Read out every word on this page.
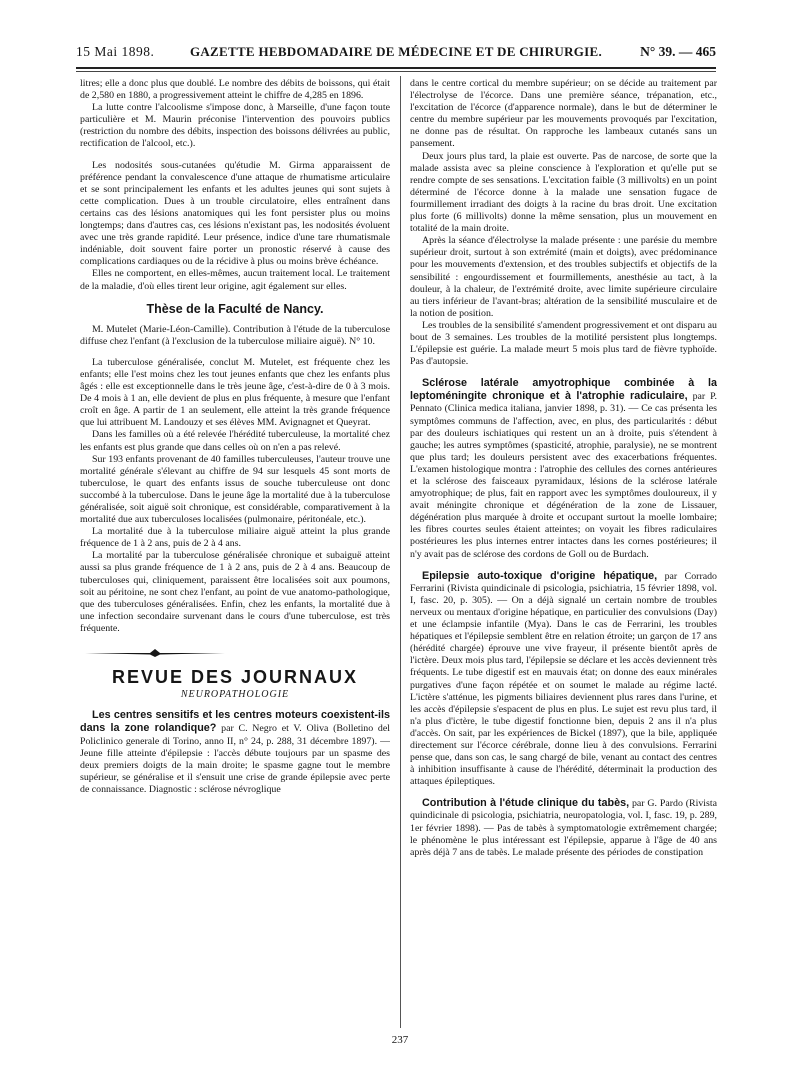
15 Mai 1898.	GAZETTE HEBDOMADAIRE DE MÉDECINE ET DE CHIRURGIE.	N° 39. — 465

litres; elle a donc plus que doublé. Le nombre des débits de boissons, qui était de 2,580 en 1880, a progressivement atteint le chiffre de 4,285 en 1896.

La lutte contre l'alcoolisme s'impose donc, à Marseille, d'une façon toute particulière et M. Maurin préconise l'intervention des pouvoirs publics (restriction du nombre des débits, inspection des boissons délivrées au public, rectification de l'alcool, etc.).

Les nodosités sous-cutanées qu'étudie M. Girma apparaissent de préférence pendant la convalescence d'une attaque de rhumatisme articulaire et se sont principalement les enfants et les adultes jeunes qui sont sujets à cette complication. Dues à un trouble circulatoire, elles entraînent dans certains cas des lésions anatomiques qui les font persister plus ou moins longtemps; dans d'autres cas, ces lésions n'existant pas, les nodosités évoluent avec une très grande rapidité. Leur présence, indice d'une tare rhumatismale indéniable, doit souvent faire porter un pronostic réservé à cause des complications cardiaques ou de la récidive à plus ou moins brève échéance.

Elles ne comportent, en elles-mêmes, aucun traitement local. Le traitement de la maladie, d'où elles tirent leur origine, agit également sur elles.

Thèse de la Faculté de Nancy.

M. Mutelet (Marie-Léon-Camille). Contribution à l'étude de la tuberculose diffuse chez l'enfant (à l'exclusion de la tuberculose miliaire aiguë). N° 10.

La tuberculose généralisée, conclut M. Mutelet, est fréquente chez les enfants; elle l'est moins chez les tout jeunes enfants que chez les enfants plus âgés : elle est exceptionnelle dans le très jeune âge, c'est-à-dire de 0 à 3 mois. De 4 mois à 1 an, elle devient de plus en plus fréquente, à mesure que l'enfant croît en âge. A partir de 1 an seulement, elle atteint la très grande fréquence que lui attribuent M. Landouzy et ses élèves MM. Avignagnet et Queyrat.

Dans les familles où a été relevée l'hérédité tuberculeuse, la mortalité chez les enfants est plus grande que dans celles où on n'en a pas relevé.

Sur 193 enfants provenant de 40 familles tuberculeuses, l'auteur trouve une mortalité générale s'élevant au chiffre de 94 sur lesquels 45 sont morts de tuberculose, le quart des enfants issus de souche tuberculeuse ont donc succombé à la tuberculose. Dans le jeune âge la mortalité due à la tuberculose généralisée, soit aiguë soit chronique, est considérable, comparativement à la mortalité due aux tuberculoses localisées (pulmonaire, péritonéale, etc.).

La mortalité due à la tuberculose miliaire aiguë atteint la plus grande fréquence de 1 à 2 ans, puis de 2 à 4 ans.

La mortalité par la tuberculose généralisée chronique et subaiguë atteint aussi sa plus grande fréquence de 1 à 2 ans, puis de 2 à 4 ans. Beaucoup de tuberculoses qui, cliniquement, paraissent être localisées soit aux poumons, soit au péritoine, ne sont chez l'enfant, au point de vue anatomo-pathologique, que des tuberculoses généralisées. Enfin, chez les enfants, la mortalité due à une infection secondaire survenant dans le cours d'une tuberculose, est très fréquente.

REVUE DES JOURNAUX
NEUROPATHOLOGIE

Les centres sensitifs et les centres moteurs coexistent-ils dans la zone rolandique? par C. Negro et V. Oliva (Bolletino del Policlinico generale di Torino, anno II, n° 24, p. 288, 31 décembre 1897). — Jeune fille atteinte d'épilepsie : l'accès débute toujours par un spasme des deux premiers doigts de la main droite; le spasme gagne tout le membre supérieur, se généralise et il s'ensuit une crise de grande épilepsie avec perte de connaissance. Diagnostic : sclérose névroglique

dans le centre cortical du membre supérieur; on se décide au traitement par l'électrolyse de l'écorce. Dans une première séance, trépanation, etc., l'excitation de l'écorce (d'apparence normale), dans le but de déterminer le centre du membre supérieur par les mouvements provoqués par l'excitation, ne donne pas de résultat. On rapproche les lambeaux cutanés sans un pansement.

Deux jours plus tard, la plaie est ouverte. Pas de narcose, de sorte que la malade assista avec sa pleine conscience à l'exploration et qu'elle put se rendre compte de ses sensations. L'excitation faible (3 millivolts) en un point déterminé de l'écorce donne à la malade une sensation fugace de fourmillement irradiant des doigts à la racine du bras droit. Une excitation plus forte (6 millivolts) donne la même sensation, plus un mouvement en totalité de la main droite.

Après la séance d'électrolyse la malade présente : une parésie du membre supérieur droit, surtout à son extrémité (main et doigts), avec prédominance pour les mouvements d'extension, et des troubles subjectifs et objectifs de la sensibilité : engourdissement et fourmillements, anesthésie au tact, à la douleur, à la chaleur, de l'extrémité droite, avec limite supérieure circulaire au tiers inférieur de l'avant-bras; altération de la sensibilité musculaire et de la notion de position.

Les troubles de la sensibilité s'amendent progressivement et ont disparu au bout de 3 semaines. Les troubles de la motilité persistent plus longtemps. L'épilepsie est guérie. La malade meurt 5 mois plus tard de fièvre typhoïde. Pas d'autopsie.

Sclérose latérale amyotrophique combinée à la leptoméningite chronique et à l'atrophie radiculaire, par P. Pennato (Clinica medica italiana, janvier 1898, p. 31). — Ce cas présenta les symptômes communs de l'affection, avec, en plus, des particularités : début par des douleurs ischiatiques qui restent un an à droite, puis s'étendent à gauche; les autres symptômes (spasticité, atrophie, paralysie), ne se montrent que plus tard; les douleurs persistent avec des exacerbations fréquentes. L'examen histologique montra : l'atrophie des cellules des cornes antérieures et la sclérose des faisceaux pyramidaux, lésions de la sclérose latérale amyotrophique; de plus, fait en rapport avec les symptômes douloureux, il y avait méningite chronique et dégénération de la zone de Lissauer, dégénération plus marquée à droite et occupant surtout la moelle lombaire; les fibres courtes seules étaient atteintes; on voyait les fibres radiculaires postérieures les plus internes entrer intactes dans les cornes postérieures; il n'y avait pas de sclérose des cordons de Goll ou de Burdach.

Epilepsie auto-toxique d'origine hépatique, par Corrado Ferrarini (Rivista quindicinale di psicologia, psichiatria, 15 février 1898, vol. I, fasc. 20, p. 305). — On a déjà signalé un certain nombre de troubles nerveux ou mentaux d'origine hépatique, en particulier des convulsions (Day) et une éclampsie infantile (Mya). Dans le cas de Ferrarini, les troubles hépatiques et l'épilepsie semblent être en relation étroite; un garçon de 17 ans (hérédité chargée) éprouve une vive frayeur, il présente bientôt après de l'ictère. Deux mois plus tard, l'épilepsie se déclare et les accès deviennent très fréquents. Le tube digestif est en mauvais état; on donne des eaux minérales purgatives d'une façon répétée et on soumet le malade au régime lacté. L'ictère s'atténue, les pigments biliaires deviennent plus rares dans l'urine, et les accès d'épilepsie s'espacent de plus en plus. Le sujet est revu plus tard, il n'a plus d'ictère, le tube digestif fonctionne bien, depuis 2 ans il n'a plus d'accès. On sait, par les expériences de Bickel (1897), que la bile, appliquée directement sur l'écorce cérébrale, donne lieu à des convulsions. Ferrarini pense que, dans son cas, le sang chargé de bile, venant au contact des centres à inhibition insuffisante à cause de l'hérédité, déterminait la production des attaques épileptiques.

Contribution à l'étude clinique du tabès, par G. Pardo (Rivista quindicinale di psicologia, psichiatria, neuropatologia, vol. I, fasc. 19, p. 289, 1er février 1898). — Pas de tabès à symptomatologie extrêmement chargée; le phénomène le plus intéressant est l'épilepsie, apparue à l'âge de 40 ans après déjà 7 ans de tabès. Le malade présente des périodes de constipation

237
